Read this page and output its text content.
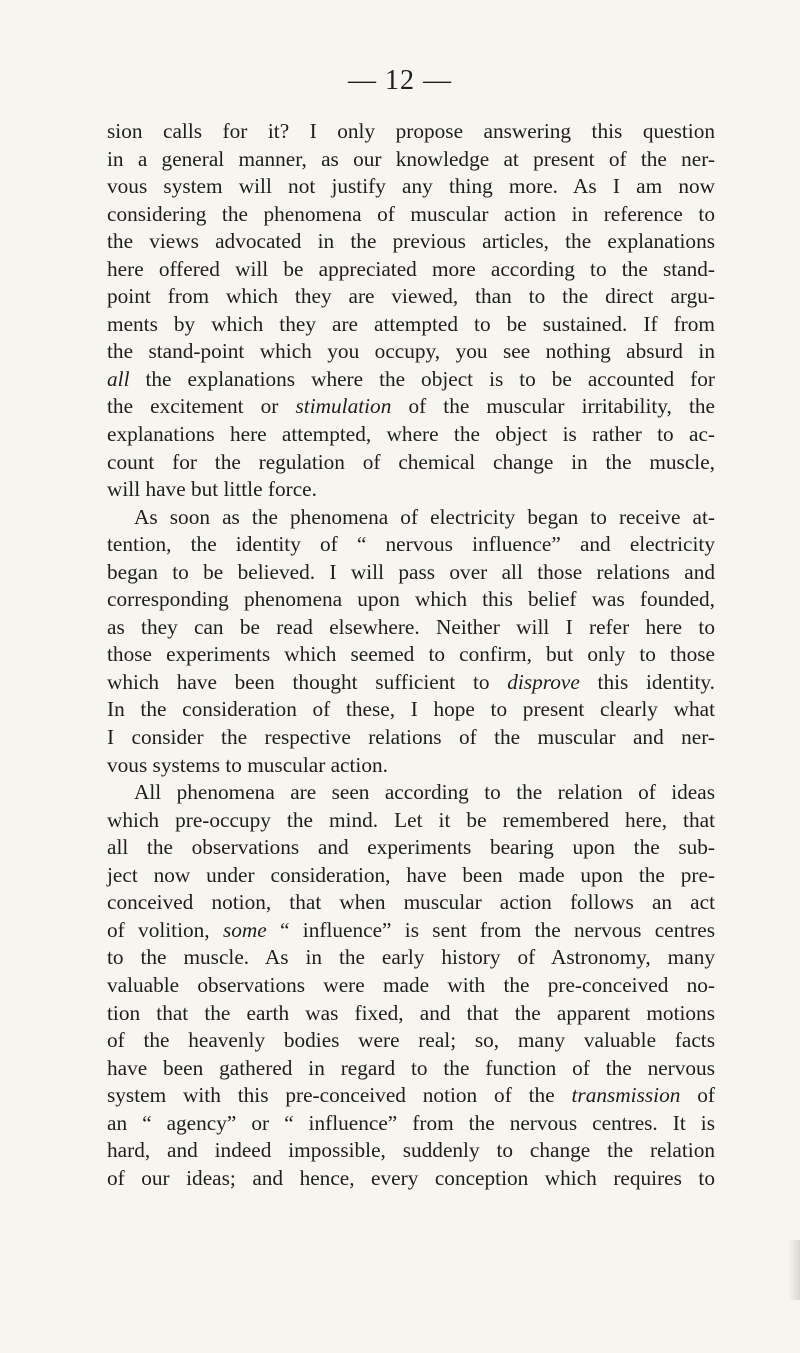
— 12 —

sion calls for it? I only propose answering this question
in a general manner, as our knowledge at present of the ner-
vous system will not justify any thing more. As I am now
considering the phenomena of muscular action in reference to
the views advocated in the previous articles, the explanations
here offered will be appreciated more according to the stand-
point from which they are viewed, than to the direct argu-
ments by which they are attempted to be sustained. If from
the stand-point which you occupy, you see nothing absurd in
all the explanations where the object is to be accounted for
the excitement or stimulation of the muscular irritability, the
explanations here attempted, where the object is rather to ac-
count for the regulation of chemical change in the muscle,
will have but little force.

As soon as the phenomena of electricity began to receive at-
tention, the identity of “ nervous influence” and electricity
began to be believed. I will pass over all those relations and
corresponding phenomena upon which this belief was founded,
as they can be read elsewhere. Neither will I refer here to
those experiments which seemed to confirm, but only to those
which have been thought sufficient to disprove this identity.
In the consideration of these, I hope to present clearly what
I consider the respective relations of the muscular and ner-
vous systems to muscular action.

All phenomena are seen according to the relation of ideas
which pre-occupy the mind. Let it be remembered here, that
all the observations and experiments bearing upon the sub-
ject now under consideration, have been made upon the pre-
conceived notion, that when muscular action follows an act
of volition, some “ influence” is sent from the nervous centres
to the muscle. As in the early history of Astronomy, many
valuable observations were made with the pre-conceived no-
tion that the earth was fixed, and that the apparent motions
of the heavenly bodies were real; so, many valuable facts
have been gathered in regard to the function of the nervous
system with this pre-conceived notion of the transmission of
an “ agency” or “ influence” from the nervous centres. It is
hard, and indeed impossible, suddenly to change the relation
of our ideas; and hence, every conception which requires to
